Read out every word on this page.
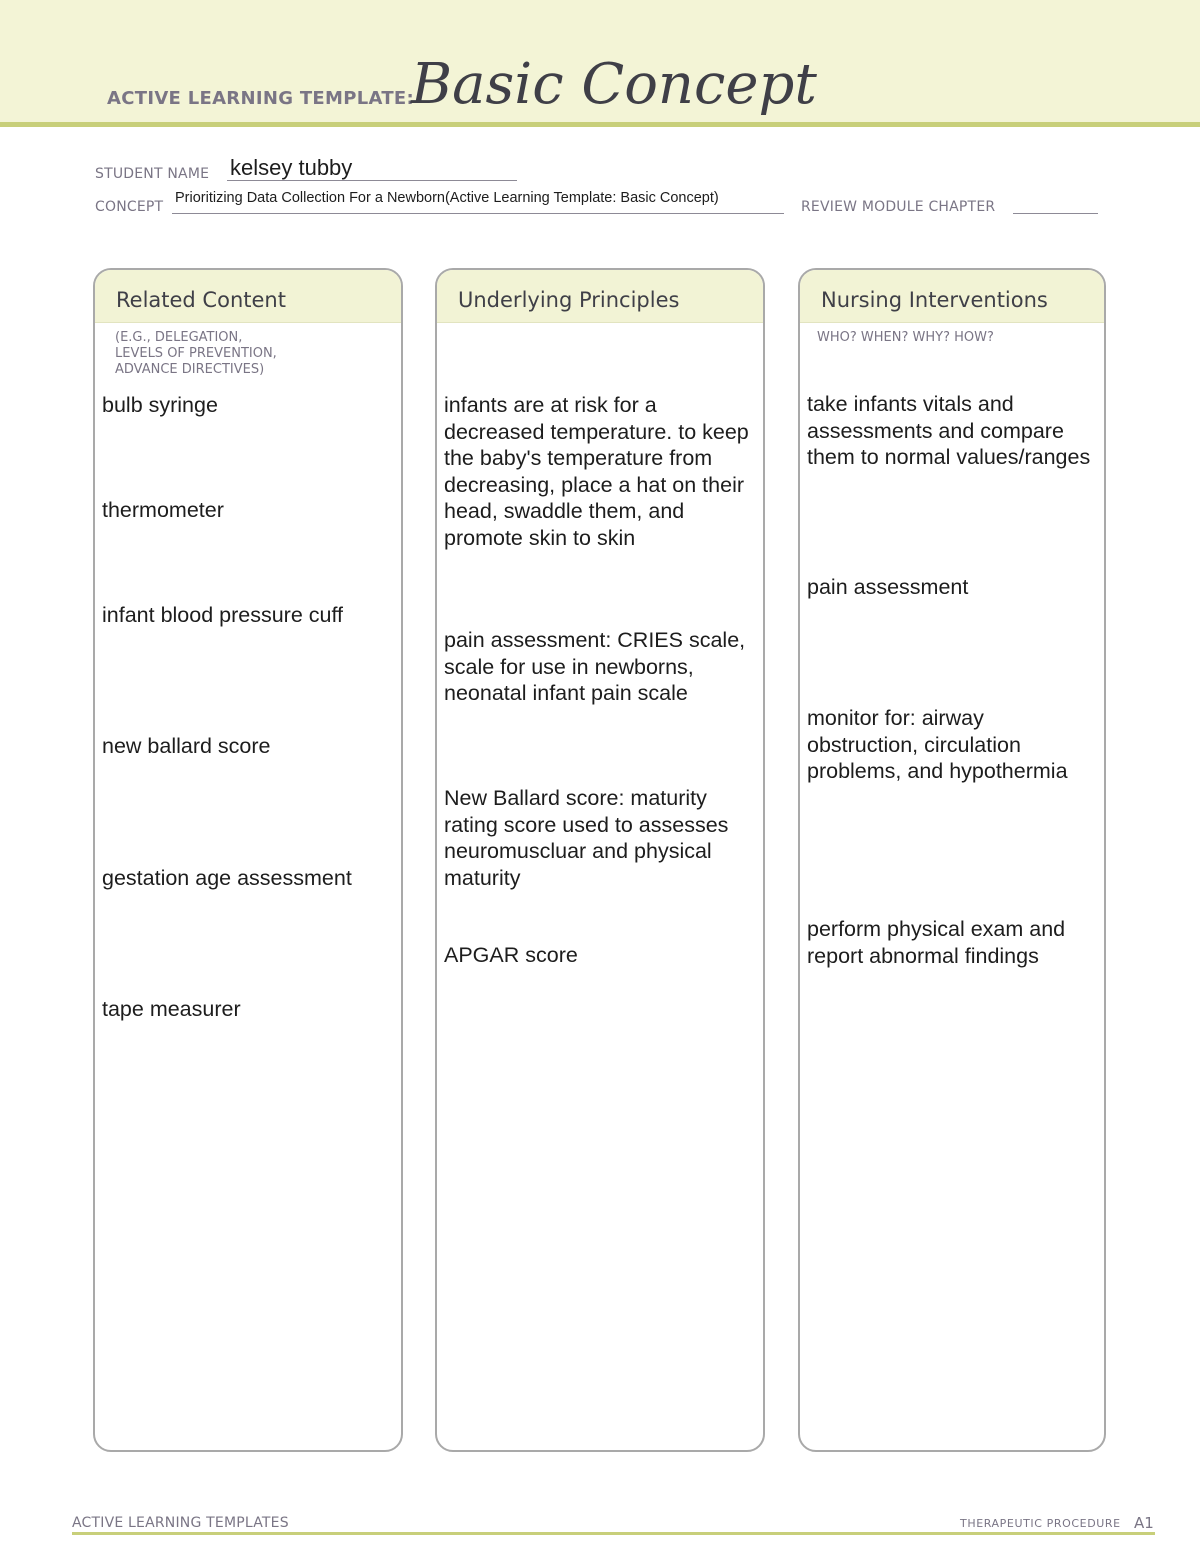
ACTIVE LEARNING TEMPLATE:
Basic Concept
STUDENT NAME kelsey tubby
CONCEPT
Prioritizing Data Collection For a Newborn(Active Learning Template: Basic Concept)
REVIEW MODULE CHAPTER
Related Content
(E.G., DELEGATION,
LEVELS OF PREVENTION,
ADVANCE DIRECTIVES)
bulb syringe
thermometer
infant blood pressure cuff
new ballard score
gestation age assessment
tape measurer
Underlying Principles
infants are at risk for a decreased temperature. to keep the baby's temperature from decreasing, place a hat on their head, swaddle them, and promote skin to skin
pain assessment: CRIES scale, scale for use in newborns, neonatal infant pain scale
New Ballard score: maturity rating score used to assesses neuromuscluar and physical maturity
APGAR score
Nursing Interventions
WHO? WHEN? WHY? HOW?
take infants vitals and assessments and compare them to normal values/ranges
pain assessment
monitor for: airway obstruction, circulation problems, and hypothermia
perform physical exam and report abnormal findings
ACTIVE LEARNING TEMPLATES	THERAPEUTIC PROCEDURE A1
